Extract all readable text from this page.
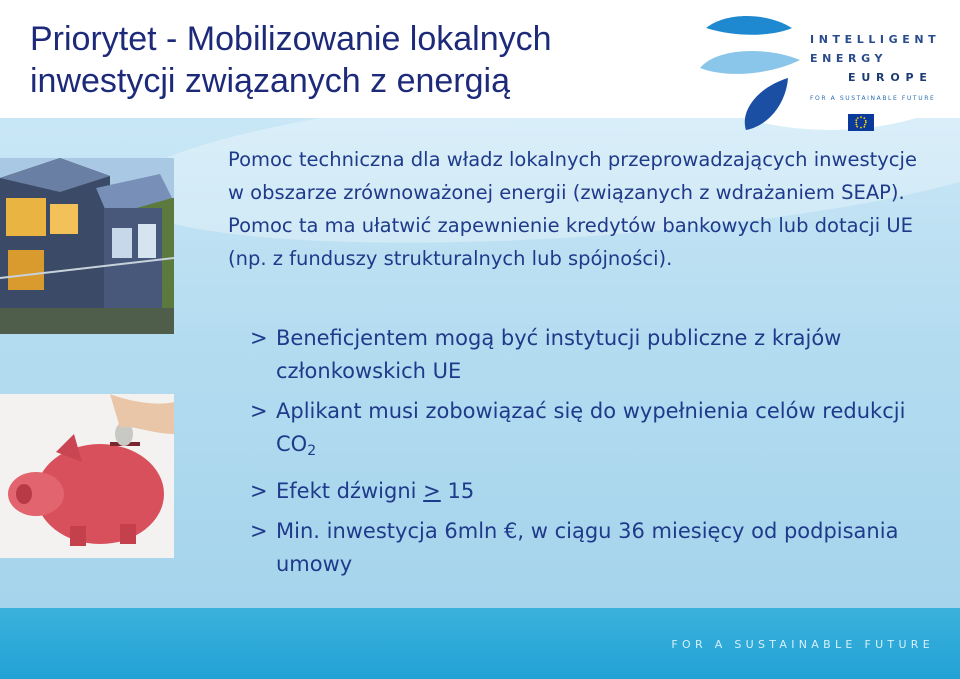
INTELLIGENT
ENERGY
EUROPE
FOR A SUSTAINABLE FUTURE
Priorytet - Mobilizowanie lokalnych inwestycji związanych z energią

Pomoc techniczna dla władz lokalnych przeprowadzających inwestycje w obszarze zrównoważonej energii (związanych z wdrażaniem SEAP). Pomoc ta ma ułatwić zapewnienie kredytów bankowych lub dotacji UE (np. z funduszy strukturalnych lub spójności).

> Beneficjentem mogą być instytucji publiczne z krajów członkowskich UE
> Aplikant musi zobowiązać się do wypełnienia celów redukcji $CO_2$
> Efekt dźwigni > 15
> Min. inwestycja 6mln €, w ciągu 36 miesięcy od podpisania umowy
FOR A SUSTAINABLE FUTURE
